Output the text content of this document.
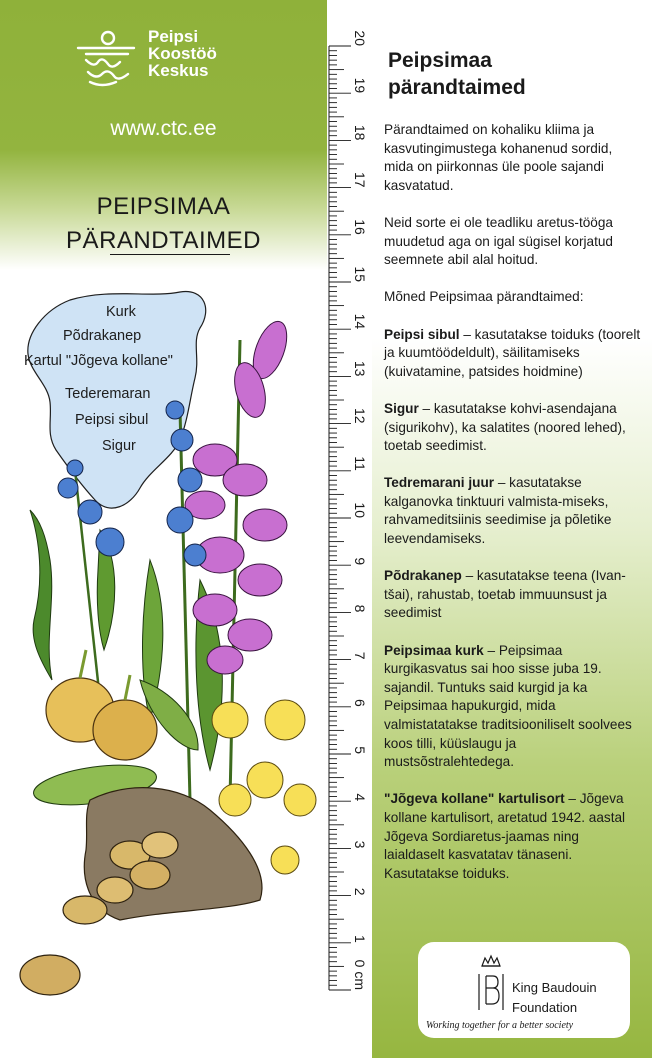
Peipsi
Koostöö
Keskus
www.ctc.ee
PEIPSIMAA
PÄRANDTAIMED
Kurk
Põdrakanep
Kartul "Jõgeva kollane"
Tederemaran
Peipsi sibul
Sigur
20
19
18
17
16
15
14
13
12
11
10
9
8
7
6
5
4
3
2
1
0 cm
Peipsimaa
pärandtaimed

Pärandtaimed on kohaliku kliima ja kasvutingimustega kohanenud sordid, mida on piirkonnas üle poole sajandi kasvatatud.

Neid sorte ei ole teadliku aretus-tööga muudetud aga on igal sügisel korjatud seemnete abil alal hoitud.

Mõned Peipsimaa pärandtaimed:

Peipsi sibul – kasutatakse toiduks (toorelt ja kuumtöödeldult), säilitamiseks (kuivatamine, patsides hoidmine)

Sigur – kasutatakse kohvi-asendajana (sigurikohv), ka salatites (noored lehed), toetab seedimist.

Tedremarani juur – kasutatakse kalganovka tinktuuri valmista-miseks, rahvameditsiinis seedimise ja põletike leevendamiseks.

Põdrakanep – kasutatakse teena (Ivan-tšai), rahustab, toetab immuunsust ja seedimist

Peipsimaa kurk – Peipsimaa kurgikasvatus sai hoo sisse juba 19. sajandil. Tuntuks said kurgid ja ka Peipsimaa hapukurgid, mida valmistatatakse traditsiooniliselt soolvees koos tilli, küüslaugu ja mustsõstralehtedega.

"Jõgeva kollane" kartulisort – Jõgeva kollane kartulisort, aretatud 1942. aastal Jõgeva Sordiaretus-jaamas ning laialdaselt kasvatatav tänaseni. Kasutatakse toiduks.

King Baudouin
Foundation
Working together for a better society
